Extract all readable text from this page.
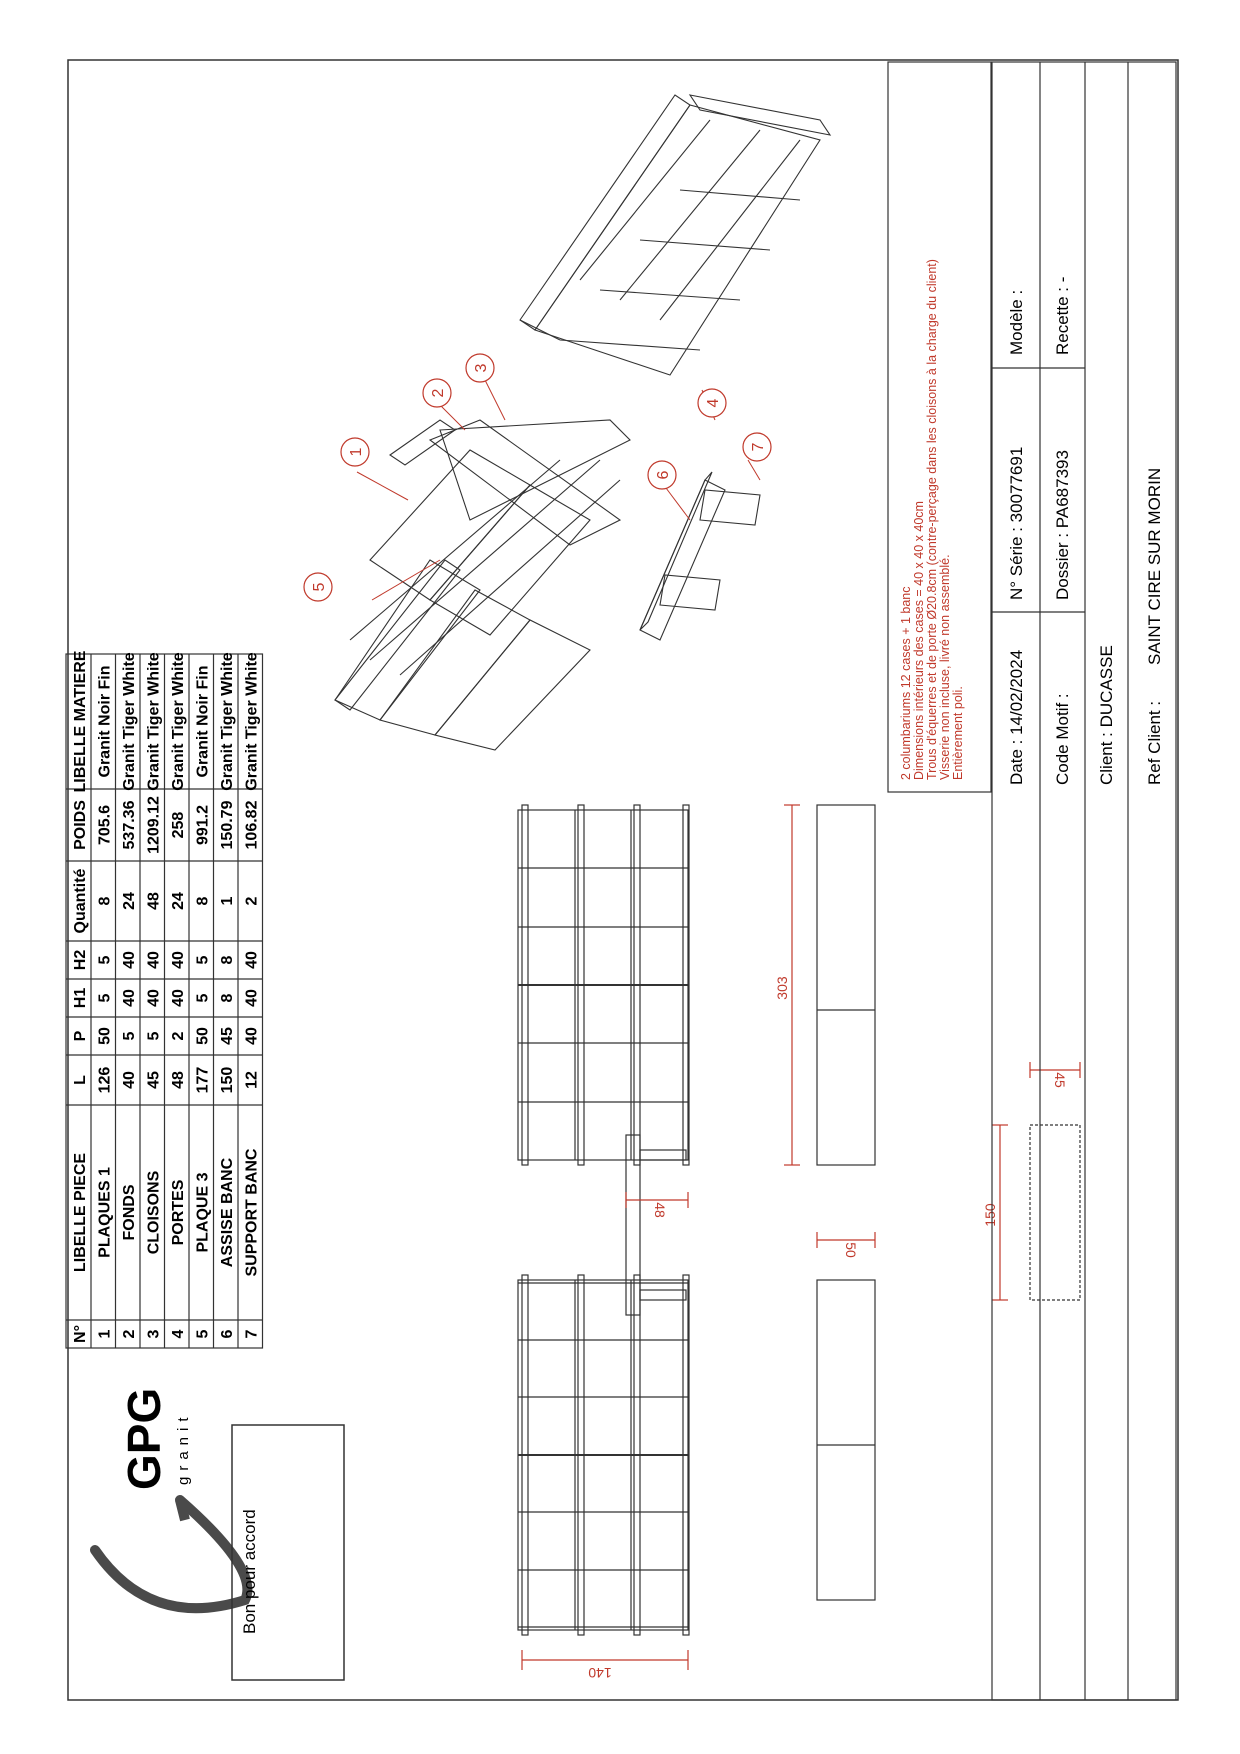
GPG granit
Bon pour accord
N°
LIBELLE PIECE
L
P
H1
H2
Quantité
POIDS
LIBELLE MATIERE
1
PLAQUES 1
126
50
5
5
8
705.6
Granit Noir Fin
2
FONDS
40
5
40
40
24
537.36
Granit Tiger White
3
CLOISONS
45
5
40
40
48
1209.12
Granit Tiger White
4
PORTES
48
2
40
40
24
258
Granit Tiger White
5
PLAQUE 3
177
50
5
5
8
991.2
Granit Noir Fin
6
ASSISE BANC
150
45
8
8
1
150.79
Granit Tiger White
7
SUPPORT BANC
12
40
40
40
2
106.82
Granit Tiger White
140
48
50
303
45
150
1
2
3
4
5
6
7
2 columbariums 12 cases + 1 banc Dimensions intérieurs des cases = 40 x 40 x 40cm Trous d'équerres et de porte Ø20.8cm (contre-perçage dans les cloisons à la charge du client) Visserie non incluse, livré non assemblé. Entièrement poli. Date : 14/02/2024
N° Série : 30077691
Modèle :
Code Motif :
Dossier : PA687393
Recette : -
Client : DUCASSE Ref Client :
SAINT CIRE SUR MORIN
